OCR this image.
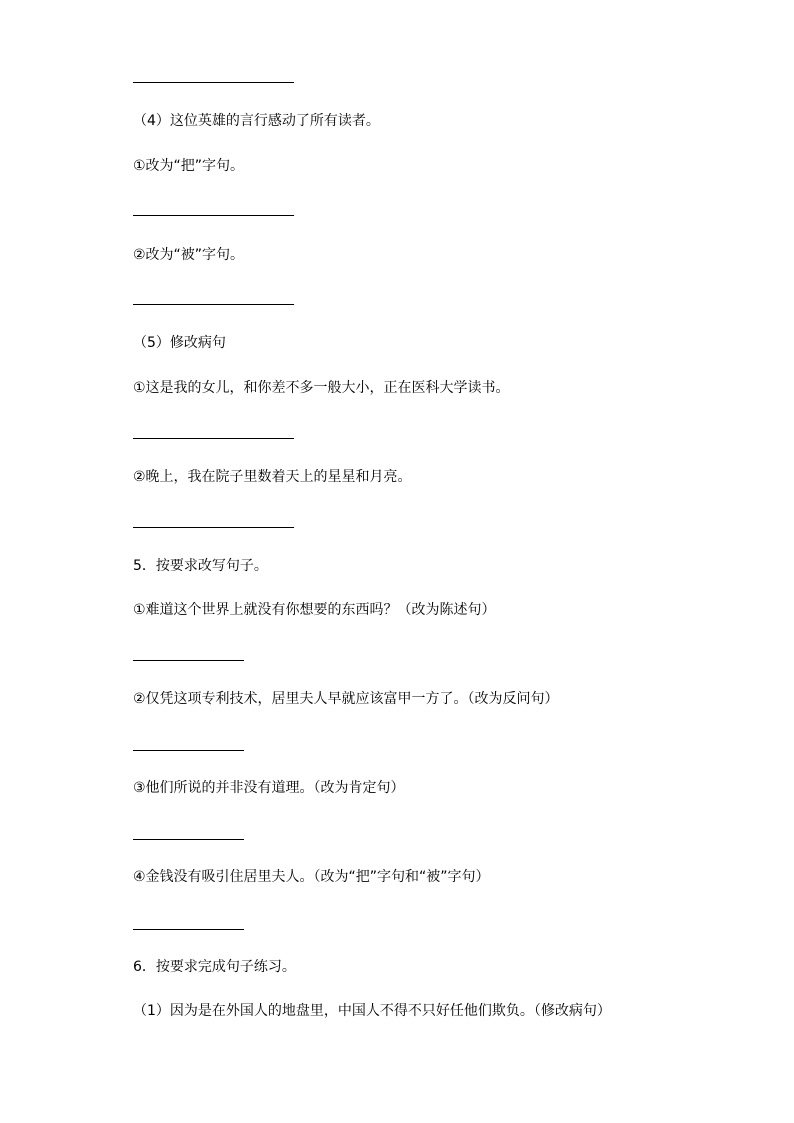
（4）这位英雄的言行感动了所有读者。
①改为“把”字句。
②改为“被”字句。
（5）修改病句
①这是我的女儿，和你差不多一般大小，正在医科大学读书。
②晚上，我在院子里数着天上的星星和月亮。
5．按要求改写句子。
①难道这个世界上就没有你想要的东西吗？（改为陈述句）
②仅凭这项专利技术，居里夫人早就应该富甲一方了。（改为反问句）
③他们所说的并非没有道理。（改为肯定句）
④金钱没有吸引住居里夫人。（改为“把”字句和“被”字句）
6．按要求完成句子练习。
（1）因为是在外国人的地盘里，中国人不得不只好任他们欺负。（修改病句）
